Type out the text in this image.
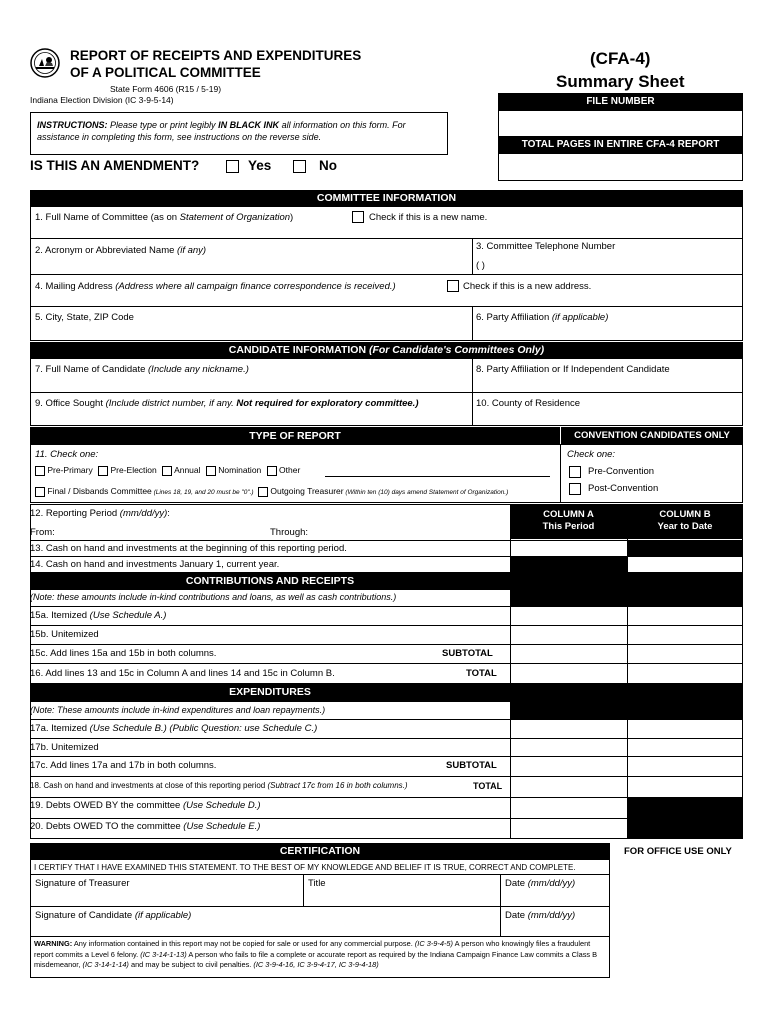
REPORT OF RECEIPTS AND EXPENDITURES
OF A POLITICAL COMMITTEE
State Form 4606 (R15 / 5-19)
Indiana Election Division (IC 3-9-5-14)
(CFA-4)
Summary Sheet
FILE NUMBER
TOTAL PAGES IN ENTIRE CFA-4 REPORT
INSTRUCTIONS: Please type or print legibly IN BLACK INK all information on this form. For assistance in completing this form, see instructions on the reverse side.
IS THIS AN AMENDMENT?	Yes	No
COMMITTEE INFORMATION
1. Full Name of Committee (as on Statement of Organization)	Check if this is a new name.
2. Acronym or Abbreviated Name (if any)	3. Committee Telephone Number
( )
4. Mailing Address (Address where all campaign finance correspondence is received.)	Check if this is a new address.
5. City, State, ZIP Code	6. Party Affiliation (if applicable)
CANDIDATE INFORMATION (For Candidate's Committees Only)
7. Full Name of Candidate (Include any nickname.)	8. Party Affiliation or If Independent Candidate
9. Office Sought (Include district number, if any. Not required for exploratory committee.)	10. County of Residence
TYPE OF REPORT	CONVENTION CANDIDATES ONLY
11. Check one:	Check one:
Pre-Primary Pre-Election Annual Nomination Other
Final / Disbands Committee (Lines 18, 19, and 20 must be "0".) Outgoing Treasurer (Within ten (10) days amend Statement of Organization.)
Pre-Convention
Post-Convention
COLUMN A
This Period
COLUMN B
Year to Date
12. Reporting Period (mm/dd/yy):
From:	Through:
CONTRIBUTIONS AND RECEIPTS
EXPENDITURES
13. Cash on hand and investments at the beginning of this reporting period.
14. Cash on hand and investments January 1, current year.
(Note: these amounts include in-kind contributions and loans, as well as cash contributions.)
15a. Itemized (Use Schedule A.)
15b. Unitemized
15c. Add lines 15a and 15b in both columns.	SUBTOTAL
16. Add lines 13 and 15c in Column A and lines 14 and 15c in Column B.	TOTAL
(Note: These amounts include in-kind expenditures and loan repayments.)
17a. Itemized (Use Schedule B.) (Public Question: use Schedule C.)
17b. Unitemized
17c. Add lines 17a and 17b in both columns.	SUBTOTAL
18. Cash on hand and investments at close of this reporting period (Subtract 17c from 16 in both columns.)	TOTAL
19. Debts OWED BY the committee (Use Schedule D.)
20. Debts OWED TO the committee (Use Schedule E.)
CERTIFICATION
I CERTIFY THAT I HAVE EXAMINED THIS STATEMENT. TO THE BEST OF MY KNOWLEDGE AND BELIEF IT IS TRUE, CORRECT AND COMPLETE.
Signature of Treasurer	Title	Date (mm/dd/yy)
Signature of Candidate (if applicable)	Date (mm/dd/yy)
WARNING: Any information contained in this report may not be copied for sale or used for any commercial purpose. (IC 3-9-4-5) A person who knowingly files a fraudulent report commits a Level 6 felony. (IC 3-14-1-13) A person who fails to file a complete or accurate report as required by the Indiana Campaign Finance Law commits a Class B misdemeanor, (IC 3-14-1-14) and may be subject to civil penalties. (IC 3-9-4-16, IC 3-9-4-17, IC 3-9-4-18)
FOR OFFICE USE ONLY
